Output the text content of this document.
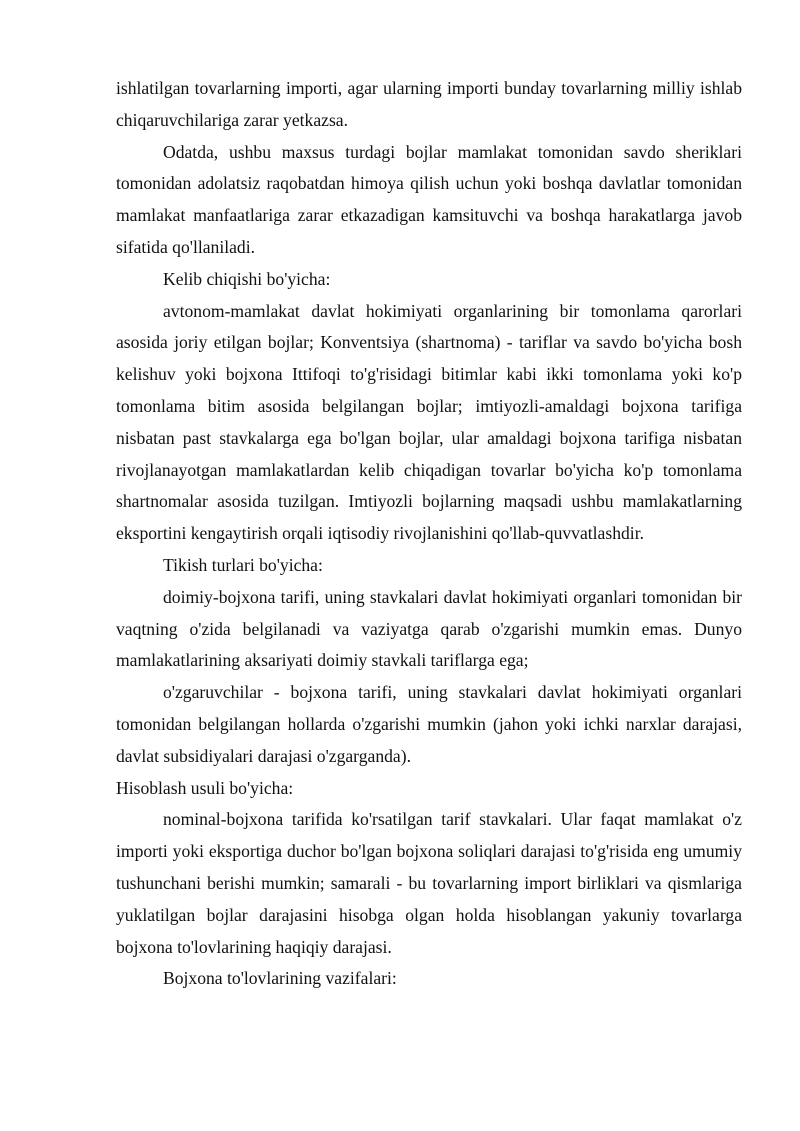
ishlatilgan tovarlarning importi, agar ularning importi bunday tovarlarning milliy ishlab chiqaruvchilariga zarar yetkazsa.

Odatda, ushbu maxsus turdagi bojlar mamlakat tomonidan savdo sheriklari tomonidan adolatsiz raqobatdan himoya qilish uchun yoki boshqa davlatlar tomonidan mamlakat manfaatlariga zarar etkazadigan kamsituvchi va boshqa harakatlarga javob sifatida qo'llaniladi.

Kelib chiqishi bo'yicha:

avtonom-mamlakat davlat hokimiyati organlarining bir tomonlama qarorlari asosida joriy etilgan bojlar; Konventsiya (shartnoma) - tariflar va savdo bo'yicha bosh kelishuv yoki bojxona Ittifoqi to'g'risidagi bitimlar kabi ikki tomonlama yoki ko'p tomonlama bitim asosida belgilangan bojlar; imtiyozli-amaldagi bojxona tarifiga nisbatan past stavkalarga ega bo'lgan bojlar, ular amaldagi bojxona tarifiga nisbatan rivojlanayotgan mamlakatlardan kelib chiqadigan tovarlar bo'yicha ko'p tomonlama shartnomalar asosida tuzilgan. Imtiyozli bojlarning maqsadi ushbu mamlakatlarning eksportini kengaytirish orqali iqtisodiy rivojlanishini qo'llab-quvvatlashdir.

Tikish turlari bo'yicha:

doimiy-bojxona tarifi, uning stavkalari davlat hokimiyati organlari tomonidan bir vaqtning o'zida belgilanadi va vaziyatga qarab o'zgarishi mumkin emas. Dunyo mamlakatlarining aksariyati doimiy stavkali tariflarga ega;

o'zgaruvchilar - bojxona tarifi, uning stavkalari davlat hokimiyati organlari tomonidan belgilangan hollarda o'zgarishi mumkin (jahon yoki ichki narxlar darajasi, davlat subsidiyalari darajasi o'zgarganda).

Hisoblash usuli bo'yicha:

nominal-bojxona tarifida ko'rsatilgan tarif stavkalari. Ular faqat mamlakat o'z importi yoki eksportiga duchor bo'lgan bojxona soliqlari darajasi to'g'risida eng umumiy tushunchani berishi mumkin; samarali - bu tovarlarning import birliklari va qismlariga yuklatilgan bojlar darajasini hisobga olgan holda hisoblangan yakuniy tovarlarga bojxona to'lovlarining haqiqiy darajasi.

Bojxona to'lovlarining vazifalari:
